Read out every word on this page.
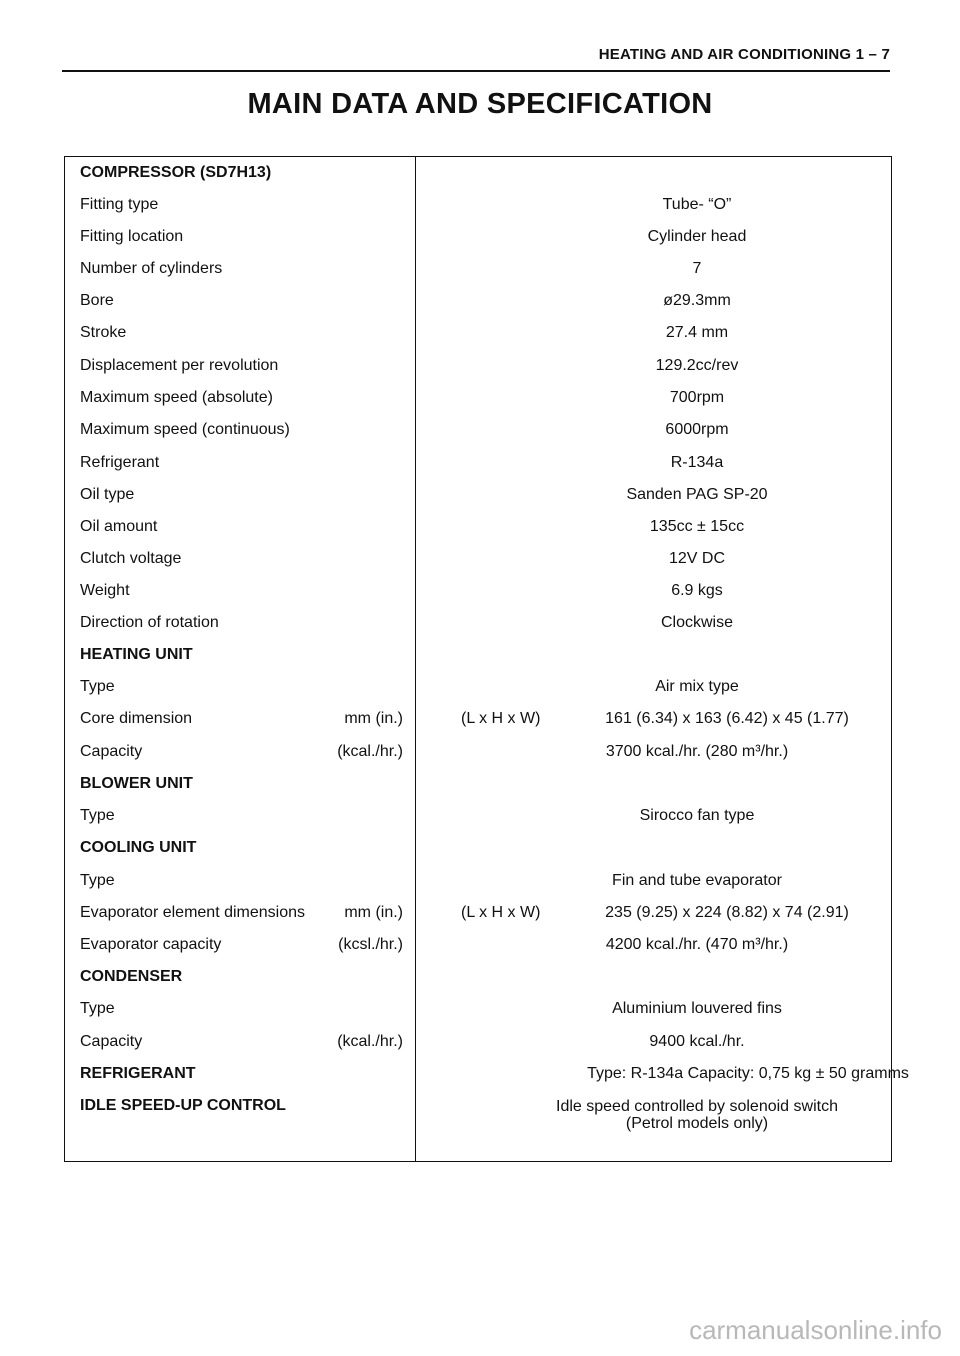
HEATING AND AIR CONDITIONING 1 – 7
MAIN DATA AND SPECIFICATION
COMPRESSOR (SD7H13)
Fitting type	Tube- “O”
Fitting location	Cylinder head
Number of cylinders	7
Bore	ø29.3mm
Stroke	27.4 mm
Displacement per revolution	129.2cc/rev
Maximum speed (absolute)	700rpm
Maximum speed (continuous)	6000rpm
Refrigerant	R-134a
Oil type	Sanden PAG SP-20
Oil amount	135cc ± 15cc
Clutch voltage	12V DC
Weight	6.9 kgs
Direction of rotation	Clockwise
HEATING UNIT
Type	Air mix type
Core dimension	mm (in.)	(L x H x W)	161 (6.34) x 163 (6.42) x 45 (1.77)
Capacity	(kcal./hr.)	3700 kcal./hr. (280 m³/hr.)
BLOWER UNIT
Type	Sirocco fan type
COOLING UNIT
Type	Fin and tube evaporator
Evaporator element dimensions mm (in.)	(L x H x W)	235 (9.25) x 224 (8.82) x 74 (2.91)
Evaporator capacity	(kcsl./hr.)	4200 kcal./hr. (470 m³/hr.)
CONDENSER
Type	Aluminium louvered fins
Capacity	(kcal./hr.)	9400 kcal./hr.
REFRIGERANT	Type: R-134a Capacity: 0,75 kg ± 50 gramms
IDLE SPEED-UP CONTROL	Idle speed controlled by solenoid switch
(Petrol models only)
carmanualsonline.info
